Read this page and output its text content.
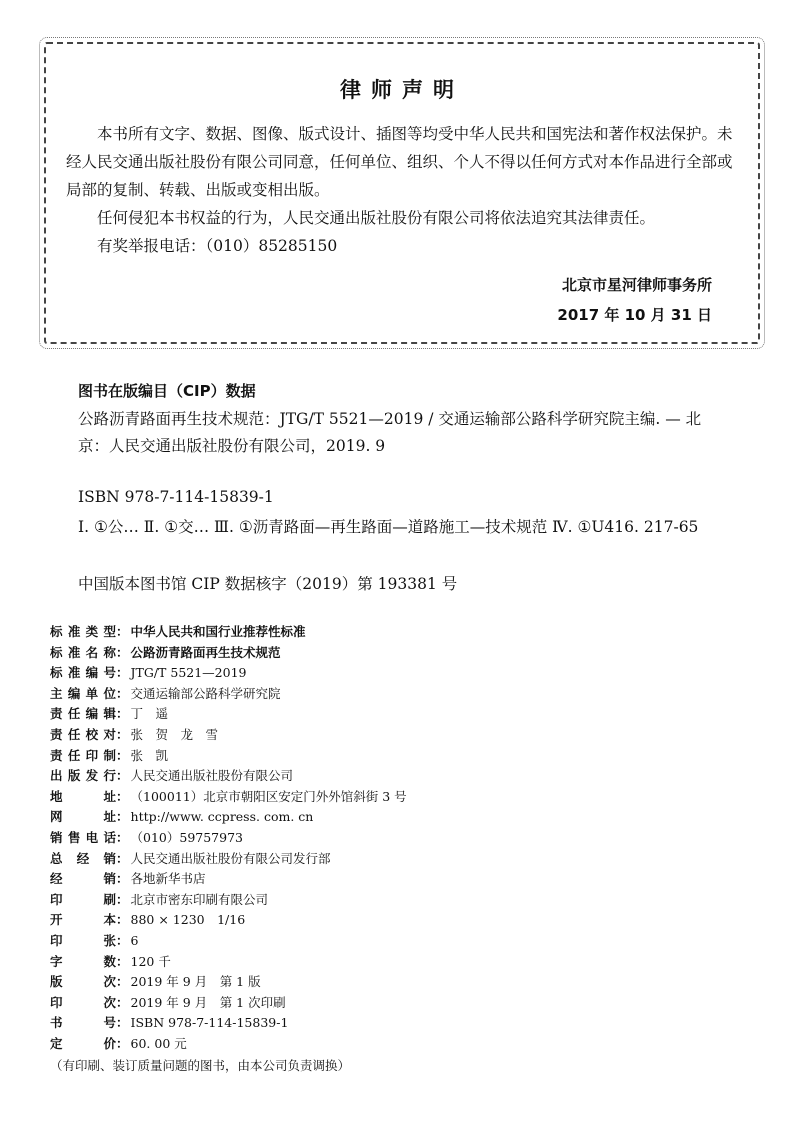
律师声明

本书所有文字、数据、图像、版式设计、插图等均受中华人民共和国宪法和著作权法保护。未经人民交通出版社股份有限公司同意，任何单位、组织、个人不得以任何方式对本作品进行全部或局部的复制、转载、出版或变相出版。

任何侵犯本书权益的行为，人民交通出版社股份有限公司将依法追究其法律责任。

有奖举报电话：（010）85285150

北京市星河律师事务所
2017 年 10 月 31 日
图书在版编目（CIP）数据

公路沥青路面再生技术规范：JTG/T 5521—2019 / 交通运输部公路科学研究院主编. — 北京：人民交通出版社股份有限公司，2019. 9

ISBN 978-7-114-15839-1

Ⅰ. ①公… Ⅱ. ①交… Ⅲ. ①沥青路面—再生路面—道路施工—技术规范 Ⅳ. ①U416. 217-65

中国版本图书馆 CIP 数据核字（2019）第 193381 号

标准类型 ： 中华人民共和国行业推荐性标准
标准名称 ： 公路沥青路面再生技术规范
标准编号 ： JTG/T 5521—2019
主编单位 ： 交通运输部公路科学研究院
责任编辑 ： 丁　遥
责任校对 ： 张　贺　龙　雪
责任印制 ： 张　凯
出版发行 ： 人民交通出版社股份有限公司
地址 ： （100011）北京市朝阳区安定门外外馆斜街 3 号
网址 ： http://www. ccpress. com. cn
销售电话 ： （010）59757973
总经销 ： 人民交通出版社股份有限公司发行部
经销 ： 各地新华书店
印刷 ： 北京市密东印刷有限公司
开本 ： 880 × 1230　1/16
印张 ： 6
字数 ： 120 千
版次 ： 2019 年 9 月　第 1 版
印次 ： 2019 年 9 月　第 1 次印刷
书号 ： ISBN 978-7-114-15839-1
定价 ： 60. 00 元
（有印刷、装订质量问题的图书，由本公司负责调换）
